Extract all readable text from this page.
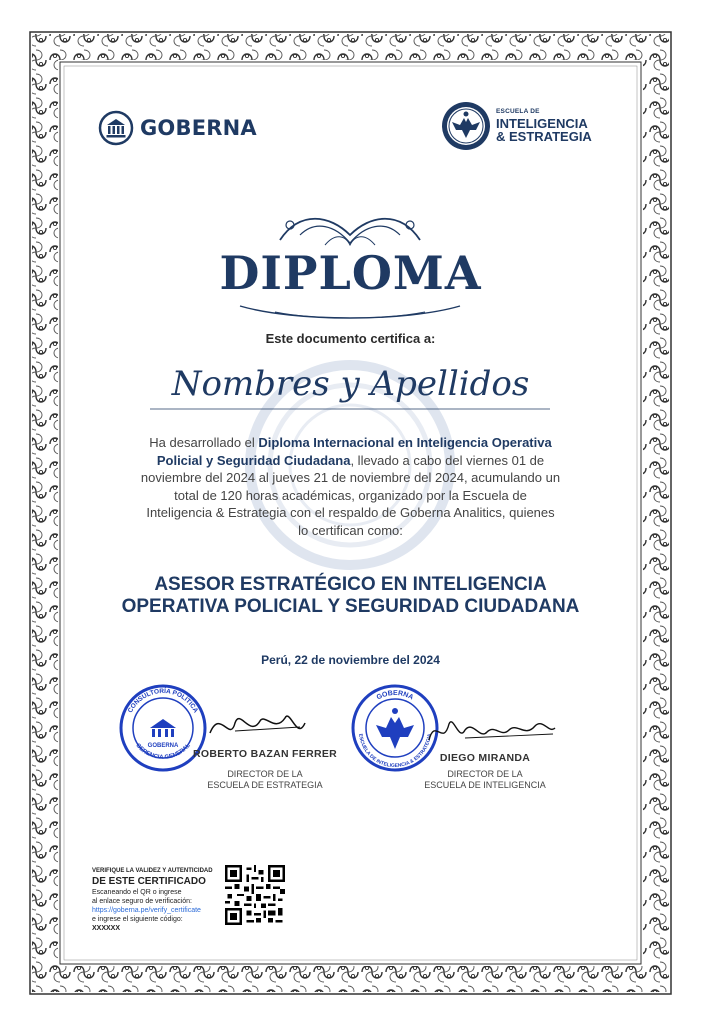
GOBERNA
ESCUELA DE
INTELIGENCIA
& ESTRATEGIA
DIPLOMA
Este documento certifica a:
Nombres y Apellidos
Ha desarrollado el Diploma Internacional en Inteligencia Operativa Policial y Seguridad Ciudadana, llevado a cabo del viernes 01 de noviembre del 2024 al jueves 21 de noviembre del 2024, acumulando un total de 120 horas académicas, organizado por la Escuela de Inteligencia & Estrategia con el respaldo de Goberna Analitics, quienes lo certifican como:
ASESOR ESTRATÉGICO EN INTELIGENCIA OPERATIVA POLICIAL Y SEGURIDAD CIUDADANA
Perú, 22 de noviembre del 2024
GOBERNA
CONSULTORÍA POLÍTICA
GERENCIA GENERAL
ROBERTO BAZAN FERRER
DIRECTOR DE LA
ESCUELA DE ESTRATEGIA
GOBERNA
ESCUELA DE INTELIGENCIA & ESTRATEGIA
DIEGO MIRANDA
DIRECTOR DE LA
ESCUELA DE INTELIGENCIA
VERIFIQUE LA VALIDEZ Y AUTENTICIDAD
DE ESTE CERTIFICADO
Escaneando el QR o ingrese
al enlace seguro de verificación:
https://goberna.pe/verify_certificate
e ingrese el siguiente código:
XXXXXX
